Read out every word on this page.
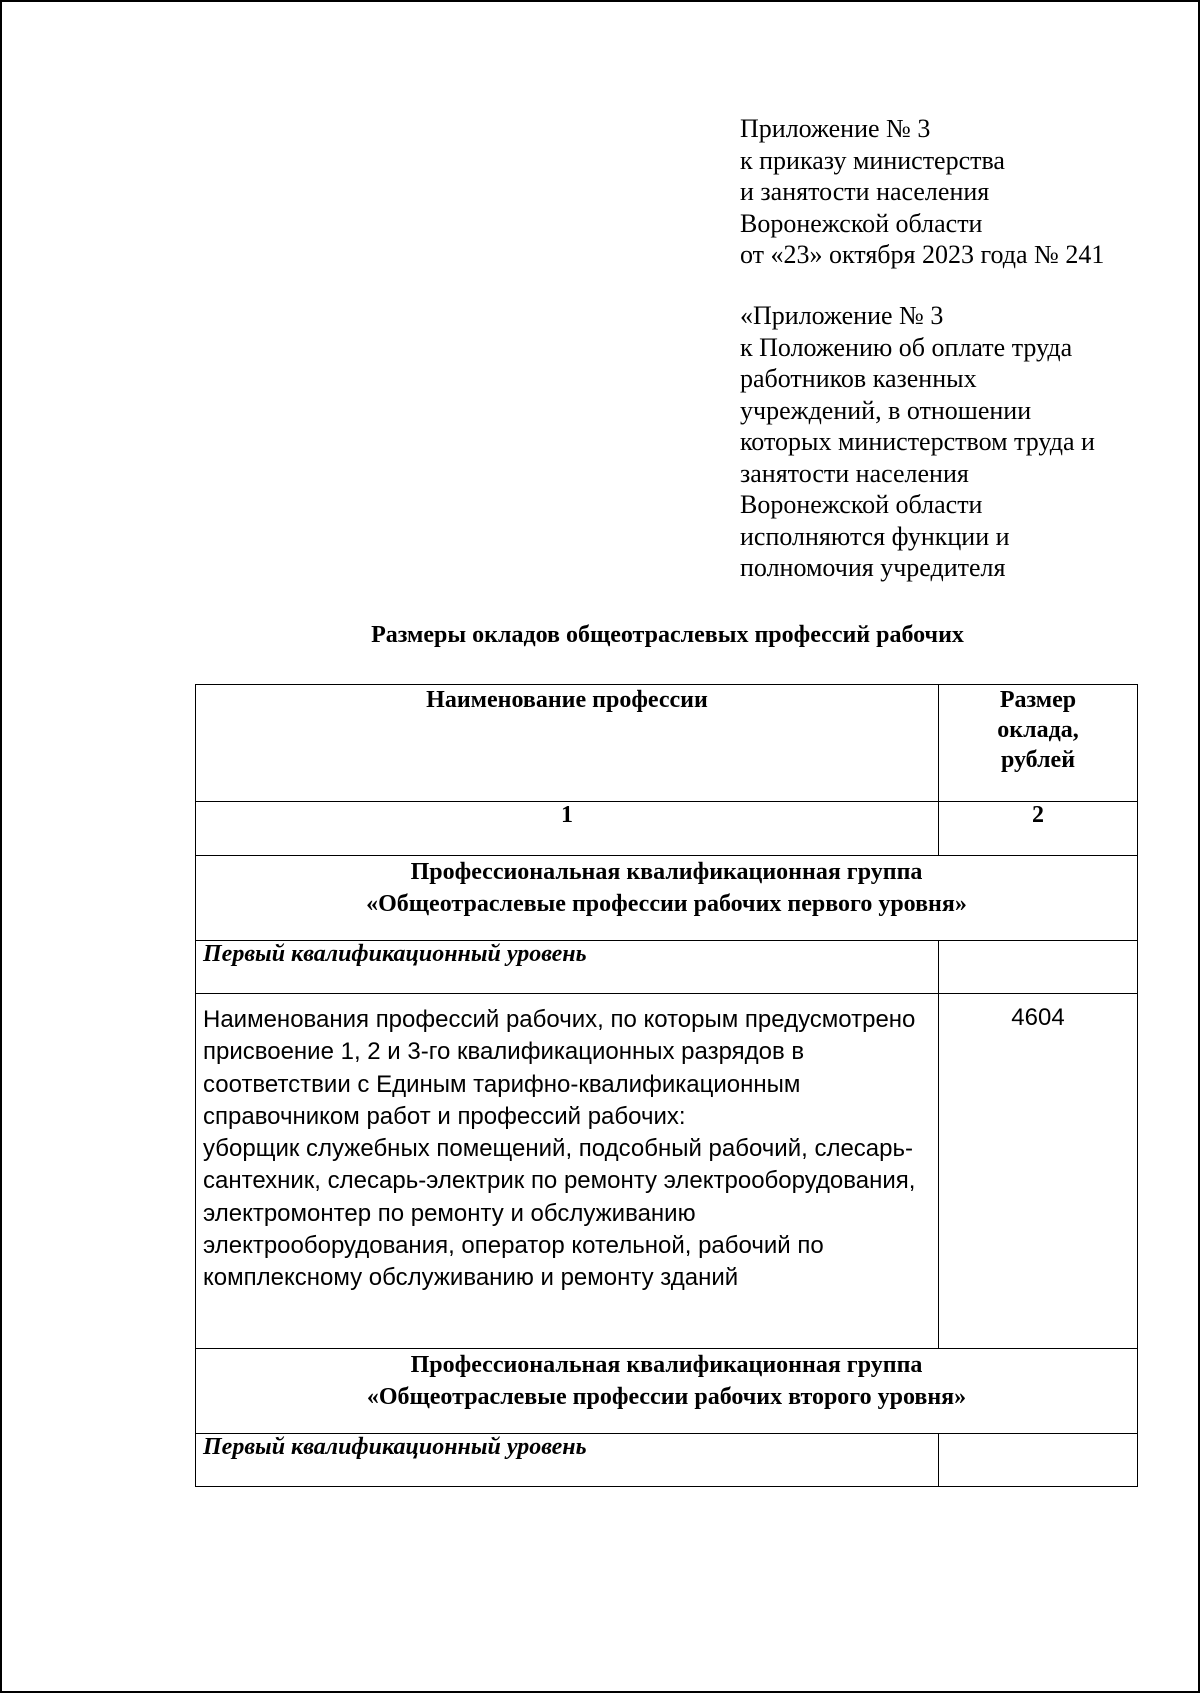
Приложение № 3
к приказу министерства
и занятости населения
Воронежской области
от «23» октября 2023 года № 241
«Приложение № 3
к Положению об оплате труда
работников казенных
учреждений, в отношении
которых министерством труда и
занятости населения
Воронежской области
исполняются функции и
полномочия учредителя
Размеры окладов общеотраслевых профессий рабочих
Наименование профессии	Размер оклада, рублей

1	2

Профессиональная квалификационная группа
«Общеотраслевые профессии рабочих первого уровня»	

Первый квалификационный уровень	

Наименования профессий рабочих, по которым предусмотрено присвоение 1, 2 и 3-го квалификационных разрядов в соответствии с Единым тарифно-квалификационным справочником работ и профессий рабочих:
уборщик служебных помещений, подсобный рабочий, слесарь-сантехник, слесарь-электрик по ремонту электрооборудования, электромонтер по ремонту и обслуживанию электрооборудования, оператор котельной, рабочий по комплексному обслуживанию и ремонту зданий	4604

Профессиональная квалификационная группа
«Общеотраслевые профессии рабочих второго уровня»	

Первый квалификационный уровень	
